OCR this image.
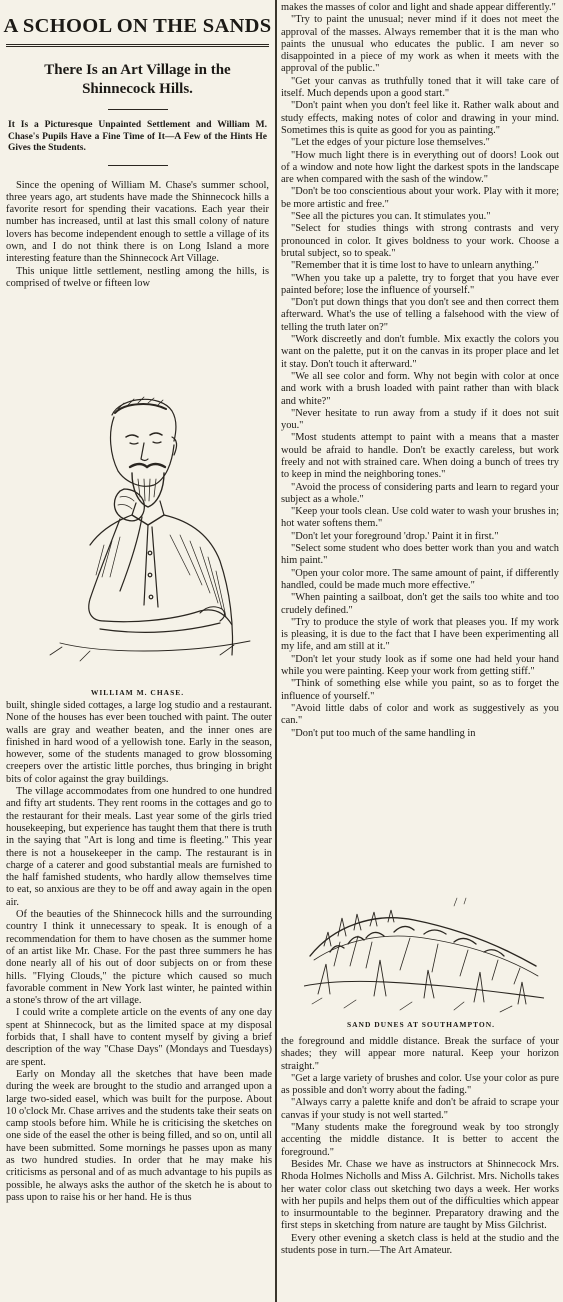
A SCHOOL ON THE SANDS
There Is an Art Village in the Shinnecock Hills.
It Is a Picturesque Unpainted Settlement and William M. Chase's Pupils Have a Fine Time of It—A Few of the Hints He Gives the Students.

Since the opening of William M. Chase's summer school, three years ago, art students have made the Shinnecock hills a favorite resort for spending their vacations. Each year their number has increased, until at last this small colony of nature lovers has become independent enough to settle a village of its own, and I do not think there is on Long Island a more interesting feature than the Shinnecock Art Village.

This unique little settlement, nestling among the hills, is comprised of twelve or fifteen low

WILLIAM M. CHASE.

built, shingle sided cottages, a large log studio and a restaurant. None of the houses has ever been touched with paint. The outer walls are gray and weather beaten, and the inner ones are finished in hard wood of a yellowish tone. Early in the season, however, some of the students managed to grow blossoming creepers over the artistic little porches, thus bringing in bright bits of color against the gray buildings.

The village accommodates from one hundred to one hundred and fifty art students. They rent rooms in the cottages and go to the restaurant for their meals. Last year some of the girls tried housekeeping, but experience has taught them that there is truth in the saying that "Art is long and time is fleeting." This year there is not a housekeeper in the camp. The restaurant is in charge of a caterer and good substantial meals are furnished to the half famished students, who hardly allow themselves time to eat, so anxious are they to be off and away again in the open air.

Of the beauties of the Shinnecock hills and the surrounding country I think it unnecessary to speak. It is enough of a recommendation for them to have chosen as the summer home of an artist like Mr. Chase. For the past three summers he has done nearly all of his out of door subjects on or from these hills. "Flying Clouds," the picture which caused so much favorable comment in New York last winter, he painted within a stone's throw of the art village.

I could write a complete article on the events of any one day spent at Shinnecock, but as the limited space at my disposal forbids that, I shall have to content myself by giving a brief description of the way "Chase Days" (Mondays and Tuesdays) are spent.

Early on Monday all the sketches that have been made during the week are brought to the studio and arranged upon a large two-sided easel, which was built for the purpose. About 10 o'clock Mr. Chase arrives and the students take their seats on camp stools before him. While he is criticising the sketches on one side of the easel the other is being filled, and so on, until all have been submitted. Some mornings he passes upon as many as two hundred studies. In order that he may make his criticisms as personal and of as much advantage to his pupils as possible, he always asks the author of the sketch he is about to pass upon to raise his or her hand. He is thus

makes the masses of color and light and shade appear differently."

"Try to paint the unusual; never mind if it does not meet the approval of the masses. Always remember that it is the man who paints the unusual who educates the public. I am never so disappointed in a piece of my work as when it meets with the approval of the public."

"Get your canvas as truthfully toned that it will take care of itself. Much depends upon a good start."

"Don't paint when you don't feel like it. Rather walk about and study effects, making notes of color and drawing in your mind. Sometimes this is quite as good for you as painting."

"Let the edges of your picture lose themselves."

"How much light there is in everything out of doors! Look out of a window and note how light the darkest spots in the landscape are when compared with the sash of the window."

"Don't be too conscientious about your work. Play with it more; be more artistic and free."

"See all the pictures you can. It stimulates you."

"Select for studies things with strong contrasts and very pronounced in color. It gives boldness to your work. Choose a brutal subject, so to speak."

"Remember that it is time lost to have to unlearn anything."

"When you take up a palette, try to forget that you have ever painted before; lose the influence of yourself."

"Don't put down things that you don't see and then correct them afterward. What's the use of telling a falsehood with the view of telling the truth later on?"

"Work discreetly and don't fumble. Mix exactly the colors you want on the palette, put it on the canvas in its proper place and let it stay. Don't touch it afterward."

"We all see color and form. Why not begin with color at once and work with a brush loaded with paint rather than with black and white?"

"Never hesitate to run away from a study if it does not suit you."

"Most students attempt to paint with a means that a master would be afraid to handle. Don't be exactly careless, but work freely and not with strained care. When doing a bunch of trees try to keep in mind the neighboring tones."

"Avoid the process of considering parts and learn to regard your subject as a whole."

"Keep your tools clean. Use cold water to wash your brushes in; hot water softens them."

"Don't let your foreground 'drop.' Paint it in first."

"Select some student who does better work than you and watch him paint."

"Open your color more. The same amount of paint, if differently handled, could be made much more effective."

"When painting a sailboat, don't get the sails too white and too crudely defined."

"Try to produce the style of work that pleases you. If my work is pleasing, it is due to the fact that I have been experimenting all my life, and am still at it."

"Don't let your study look as if some one had held your hand while you were painting. Keep your work from getting stiff."

"Think of something else while you paint, so as to forget the influence of yourself."

"Avoid little dabs of color and work as suggestively as you can."

"Don't put too much of the same handling in

SAND DUNES AT SOUTHAMPTON.

the foreground and middle distance. Break the surface of your shades; they will appear more natural. Keep your horizon straight."

"Get a large variety of brushes and color. Use your color as pure as possible and don't worry about the fading."

"Always carry a palette knife and don't be afraid to scrape your canvas if your study is not well started."

"Many students make the foreground weak by too strongly accenting the middle distance. It is better to accent the foreground."

Besides Mr. Chase we have as instructors at Shinnecock Mrs. Rhoda Holmes Nicholls and Miss A. Gilchrist. Mrs. Nicholls takes her water color class out sketching two days a week. Her works with her pupils and helps them out of the difficulties which appear to insurmountable to the beginner. Preparatory drawing and the first steps in sketching from nature are taught by Miss Gilchrist.

Every other evening a sketch class is held at the studio and the students pose in turn.—The Art Amateur.
